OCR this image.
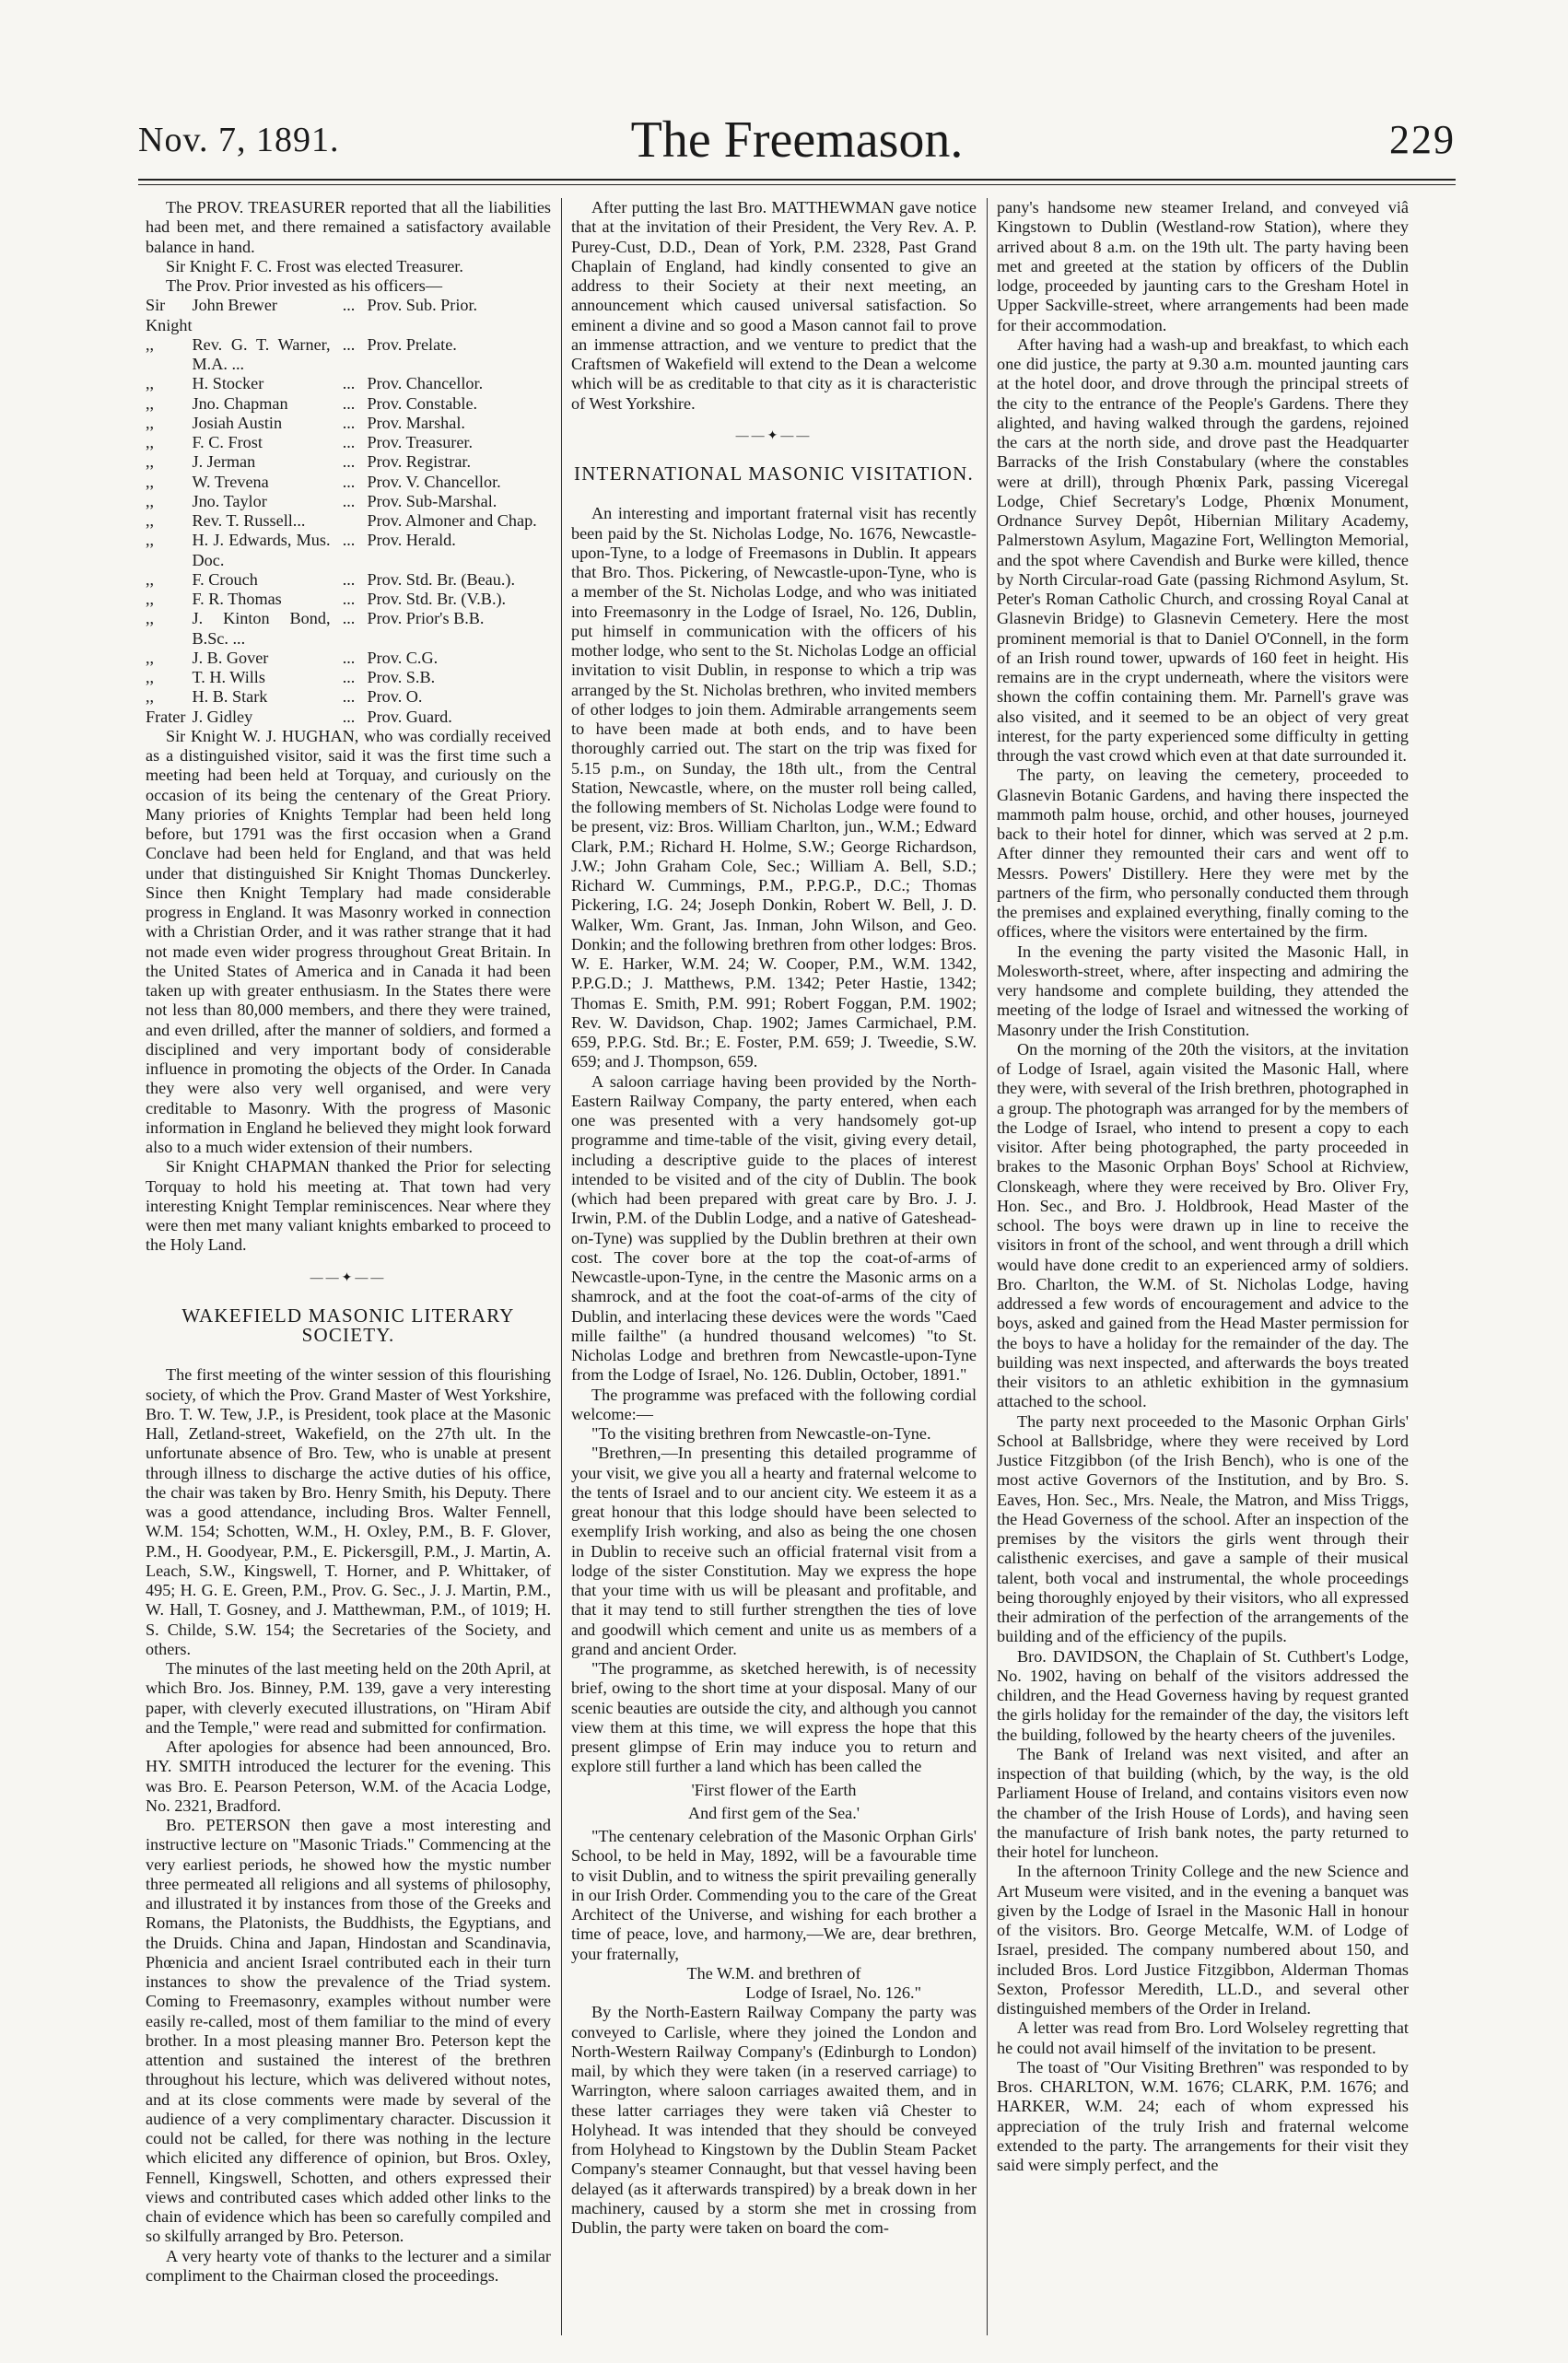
Nov. 7, 1891.	The Freemason.	229

The PROV. TREASURER reported that all the liabilities had been met, and there remained a satisfactory available balance in hand.

Sir Knight F. C. Frost was elected Treasurer.

The Prov. Prior invested as his officers—

Sir Knight	John Brewer	...	Prov. Sub. Prior.
,,	Rev. G. T. Warner, M.A. ...	...	Prov. Prelate.
,,	H. Stocker	...	Prov. Chancellor.
,,	Jno. Chapman	...	Prov. Constable.
,,	Josiah Austin	...	Prov. Marshal.
,,	F. C. Frost	...	Prov. Treasurer.
,,	J. Jerman	...	Prov. Registrar.
,,	W. Trevena	...	Prov. V. Chancellor.
,,	Jno. Taylor	...	Prov. Sub-Marshal.
,,	Rev. T. Russell...		Prov. Almoner and Chap.
,,	H. J. Edwards, Mus. Doc.	...	Prov. Herald.
,,	F. Crouch	...	Prov. Std. Br. (Beau.).
,,	F. R. Thomas	...	Prov. Std. Br. (V.B.).
,,	J. Kinton Bond, B.Sc. ...	...	Prov. Prior's B.B.
,,	J. B. Gover	...	Prov. C.G.
,,	T. H. Wills	...	Prov. S.B.
,,	H. B. Stark	...	Prov. O.
Frater	J. Gidley	...	Prov. Guard.

Sir Knight W. J. HUGHAN, who was cordially received as a distinguished visitor, said it was the first time such a meeting had been held at Torquay, and curiously on the occasion of its being the centenary of the Great Priory. Many priories of Knights Templar had been held long before, but 1791 was the first occasion when a Grand Conclave had been held for England, and that was held under that distinguished Sir Knight Thomas Dunckerley. Since then Knight Templary had made considerable progress in England. It was Masonry worked in connection with a Christian Order, and it was rather strange that it had not made even wider progress throughout Great Britain. In the United States of America and in Canada it had been taken up with greater enthusiasm. In the States there were not less than 80,000 members, and there they were trained, and even drilled, after the manner of soldiers, and formed a disciplined and very important body of considerable influence in promoting the objects of the Order. In Canada they were also very well organised, and were very creditable to Masonry. With the progress of Masonic information in England he believed they might look forward also to a much wider extension of their numbers.

Sir Knight CHAPMAN thanked the Prior for selecting Torquay to hold his meeting at. That town had very interesting Knight Templar reminiscences. Near where they were then met many valiant knights embarked to proceed to the Holy Land.

——✦——
WAKEFIELD MASONIC LITERARY SOCIETY.

The first meeting of the winter session of this flourishing society, of which the Prov. Grand Master of West Yorkshire, Bro. T. W. Tew, J.P., is President, took place at the Masonic Hall, Zetland-street, Wakefield, on the 27th ult. In the unfortunate absence of Bro. Tew, who is unable at present through illness to discharge the active duties of his office, the chair was taken by Bro. Henry Smith, his Deputy. There was a good attendance, including Bros. Walter Fennell, W.M. 154; Schotten, W.M., H. Oxley, P.M., B. F. Glover, P.M., H. Goodyear, P.M., E. Pickersgill, P.M., J. Martin, A. Leach, S.W., Kingswell, T. Horner, and P. Whittaker, of 495; H. G. E. Green, P.M., Prov. G. Sec., J. J. Martin, P.M., W. Hall, T. Gosney, and J. Matthewman, P.M., of 1019; H. S. Childe, S.W. 154; the Secretaries of the Society, and others.

The minutes of the last meeting held on the 20th April, at which Bro. Jos. Binney, P.M. 139, gave a very interesting paper, with cleverly executed illustrations, on "Hiram Abif and the Temple," were read and submitted for confirmation.

After apologies for absence had been announced, Bro. HY. SMITH introduced the lecturer for the evening. This was Bro. E. Pearson Peterson, W.M. of the Acacia Lodge, No. 2321, Bradford.

Bro. PETERSON then gave a most interesting and instructive lecture on "Masonic Triads." Commencing at the very earliest periods, he showed how the mystic number three permeated all religions and all systems of philosophy, and illustrated it by instances from those of the Greeks and Romans, the Platonists, the Buddhists, the Egyptians, and the Druids. China and Japan, Hindostan and Scandinavia, Phœnicia and ancient Israel contributed each in their turn instances to show the prevalence of the Triad system. Coming to Freemasonry, examples without number were easily re-called, most of them familiar to the mind of every brother. In a most pleasing manner Bro. Peterson kept the attention and sustained the interest of the brethren throughout his lecture, which was delivered without notes, and at its close comments were made by several of the audience of a very complimentary character. Discussion it could not be called, for there was nothing in the lecture which elicited any difference of opinion, but Bros. Oxley, Fennell, Kingswell, Schotten, and others expressed their views and contributed cases which added other links to the chain of evidence which has been so carefully compiled and so skilfully arranged by Bro. Peterson.

A very hearty vote of thanks to the lecturer and a similar compliment to the Chairman closed the proceedings.

After putting the last Bro. MATTHEWMAN gave notice that at the invitation of their President, the Very Rev. A. P. Purey-Cust, D.D., Dean of York, P.M. 2328, Past Grand Chaplain of England, had kindly consented to give an address to their Society at their next meeting, an announcement which caused universal satisfaction. So eminent a divine and so good a Mason cannot fail to prove an immense attraction, and we venture to predict that the Craftsmen of Wakefield will extend to the Dean a welcome which will be as creditable to that city as it is characteristic of West Yorkshire.

——✦——
INTERNATIONAL MASONIC VISITATION.

An interesting and important fraternal visit has recently been paid by the St. Nicholas Lodge, No. 1676, Newcastle-upon-Tyne, to a lodge of Freemasons in Dublin. It appears that Bro. Thos. Pickering, of Newcastle-upon-Tyne, who is a member of the St. Nicholas Lodge, and who was initiated into Freemasonry in the Lodge of Israel, No. 126, Dublin, put himself in communication with the officers of his mother lodge, who sent to the St. Nicholas Lodge an official invitation to visit Dublin, in response to which a trip was arranged by the St. Nicholas brethren, who invited members of other lodges to join them. Admirable arrangements seem to have been made at both ends, and to have been thoroughly carried out. The start on the trip was fixed for 5.15 p.m., on Sunday, the 18th ult., from the Central Station, Newcastle, where, on the muster roll being called, the following members of St. Nicholas Lodge were found to be present, viz: Bros. William Charlton, jun., W.M.; Edward Clark, P.M.; Richard H. Holme, S.W.; George Richardson, J.W.; John Graham Cole, Sec.; William A. Bell, S.D.; Richard W. Cummings, P.M., P.P.G.P., D.C.; Thomas Pickering, I.G. 24; Joseph Donkin, Robert W. Bell, J. D. Walker, Wm. Grant, Jas. Inman, John Wilson, and Geo. Donkin; and the following brethren from other lodges: Bros. W. E. Harker, W.M. 24; W. Cooper, P.M., W.M. 1342, P.P.G.D.; J. Matthews, P.M. 1342; Peter Hastie, 1342; Thomas E. Smith, P.M. 991; Robert Foggan, P.M. 1902; Rev. W. Davidson, Chap. 1902; James Carmichael, P.M. 659, P.P.G. Std. Br.; E. Foster, P.M. 659; J. Tweedie, S.W. 659; and J. Thompson, 659.

A saloon carriage having been provided by the North-Eastern Railway Company, the party entered, when each one was presented with a very handsomely got-up programme and time-table of the visit, giving every detail, including a descriptive guide to the places of interest intended to be visited and of the city of Dublin. The book (which had been prepared with great care by Bro. J. J. Irwin, P.M. of the Dublin Lodge, and a native of Gateshead-on-Tyne) was supplied by the Dublin brethren at their own cost. The cover bore at the top the coat-of-arms of Newcastle-upon-Tyne, in the centre the Masonic arms on a shamrock, and at the foot the coat-of-arms of the city of Dublin, and interlacing these devices were the words "Caed mille failthe" (a hundred thousand welcomes) "to St. Nicholas Lodge and brethren from Newcastle-upon-Tyne from the Lodge of Israel, No. 126. Dublin, October, 1891."

The programme was prefaced with the following cordial welcome:—

"To the visiting brethren from Newcastle-on-Tyne.

"Brethren,—In presenting this detailed programme of your visit, we give you all a hearty and fraternal welcome to the tents of Israel and to our ancient city. We esteem it as a great honour that this lodge should have been selected to exemplify Irish working, and also as being the one chosen in Dublin to receive such an official fraternal visit from a lodge of the sister Constitution. May we express the hope that your time with us will be pleasant and profitable, and that it may tend to still further strengthen the ties of love and goodwill which cement and unite us as members of a grand and ancient Order.

"The programme, as sketched herewith, is of necessity brief, owing to the short time at your disposal. Many of our scenic beauties are outside the city, and although you cannot view them at this time, we will express the hope that this present glimpse of Erin may induce you to return and explore still further a land which has been called the

'First flower of the Earth

And first gem of the Sea.'

"The centenary celebration of the Masonic Orphan Girls' School, to be held in May, 1892, will be a favourable time to visit Dublin, and to witness the spirit prevailing generally in our Irish Order. Commending you to the care of the Great Architect of the Universe, and wishing for each brother a time of peace, love, and harmony,—We are, dear brethren, your fraternally,

The W.M. and brethren of

Lodge of Israel, No. 126."

By the North-Eastern Railway Company the party was conveyed to Carlisle, where they joined the London and North-Western Railway Company's (Edinburgh to London) mail, by which they were taken (in a reserved carriage) to Warrington, where saloon carriages awaited them, and in these latter carriages they were taken viâ Chester to Holyhead. It was intended that they should be conveyed from Holyhead to Kingstown by the Dublin Steam Packet Company's steamer Connaught, but that vessel having been delayed (as it afterwards transpired) by a break down in her machinery, caused by a storm she met in crossing from Dublin, the party were taken on board the com-

pany's handsome new steamer Ireland, and conveyed viâ Kingstown to Dublin (Westland-row Station), where they arrived about 8 a.m. on the 19th ult. The party having been met and greeted at the station by officers of the Dublin lodge, proceeded by jaunting cars to the Gresham Hotel in Upper Sackville-street, where arrangements had been made for their accommodation.

After having had a wash-up and breakfast, to which each one did justice, the party at 9.30 a.m. mounted jaunting cars at the hotel door, and drove through the principal streets of the city to the entrance of the People's Gardens. There they alighted, and having walked through the gardens, rejoined the cars at the north side, and drove past the Headquarter Barracks of the Irish Constabulary (where the constables were at drill), through Phœnix Park, passing Viceregal Lodge, Chief Secretary's Lodge, Phœnix Monument, Ordnance Survey Depôt, Hibernian Military Academy, Palmerstown Asylum, Magazine Fort, Wellington Memorial, and the spot where Cavendish and Burke were killed, thence by North Circular-road Gate (passing Richmond Asylum, St. Peter's Roman Catholic Church, and crossing Royal Canal at Glasnevin Bridge) to Glasnevin Cemetery. Here the most prominent memorial is that to Daniel O'Connell, in the form of an Irish round tower, upwards of 160 feet in height. His remains are in the crypt underneath, where the visitors were shown the coffin containing them. Mr. Parnell's grave was also visited, and it seemed to be an object of very great interest, for the party experienced some difficulty in getting through the vast crowd which even at that date surrounded it.

The party, on leaving the cemetery, proceeded to Glasnevin Botanic Gardens, and having there inspected the mammoth palm house, orchid, and other houses, journeyed back to their hotel for dinner, which was served at 2 p.m. After dinner they remounted their cars and went off to Messrs. Powers' Distillery. Here they were met by the partners of the firm, who personally conducted them through the premises and explained everything, finally coming to the offices, where the visitors were entertained by the firm.

In the evening the party visited the Masonic Hall, in Molesworth-street, where, after inspecting and admiring the very handsome and complete building, they attended the meeting of the lodge of Israel and witnessed the working of Masonry under the Irish Constitution.

On the morning of the 20th the visitors, at the invitation of Lodge of Israel, again visited the Masonic Hall, where they were, with several of the Irish brethren, photographed in a group. The photograph was arranged for by the members of the Lodge of Israel, who intend to present a copy to each visitor. After being photographed, the party proceeded in brakes to the Masonic Orphan Boys' School at Richview, Clonskeagh, where they were received by Bro. Oliver Fry, Hon. Sec., and Bro. J. Holdbrook, Head Master of the school. The boys were drawn up in line to receive the visitors in front of the school, and went through a drill which would have done credit to an experienced army of soldiers. Bro. Charlton, the W.M. of St. Nicholas Lodge, having addressed a few words of encouragement and advice to the boys, asked and gained from the Head Master permission for the boys to have a holiday for the remainder of the day. The building was next inspected, and afterwards the boys treated their visitors to an athletic exhibition in the gymnasium attached to the school.

The party next proceeded to the Masonic Orphan Girls' School at Ballsbridge, where they were received by Lord Justice Fitzgibbon (of the Irish Bench), who is one of the most active Governors of the Institution, and by Bro. S. Eaves, Hon. Sec., Mrs. Neale, the Matron, and Miss Triggs, the Head Governess of the school. After an inspection of the premises by the visitors the girls went through their calisthenic exercises, and gave a sample of their musical talent, both vocal and instrumental, the whole proceedings being thoroughly enjoyed by their visitors, who all expressed their admiration of the perfection of the arrangements of the building and of the efficiency of the pupils.

Bro. DAVIDSON, the Chaplain of St. Cuthbert's Lodge, No. 1902, having on behalf of the visitors addressed the children, and the Head Governess having by request granted the girls holiday for the remainder of the day, the visitors left the building, followed by the hearty cheers of the juveniles.

The Bank of Ireland was next visited, and after an inspection of that building (which, by the way, is the old Parliament House of Ireland, and contains visitors even now the chamber of the Irish House of Lords), and having seen the manufacture of Irish bank notes, the party returned to their hotel for luncheon.

In the afternoon Trinity College and the new Science and Art Museum were visited, and in the evening a banquet was given by the Lodge of Israel in the Masonic Hall in honour of the visitors. Bro. George Metcalfe, W.M. of Lodge of Israel, presided. The company numbered about 150, and included Bros. Lord Justice Fitzgibbon, Alderman Thomas Sexton, Professor Meredith, LL.D., and several other distinguished members of the Order in Ireland.

A letter was read from Bro. Lord Wolseley regretting that he could not avail himself of the invitation to be present.

The toast of "Our Visiting Brethren" was responded to by Bros. CHARLTON, W.M. 1676; CLARK, P.M. 1676; and HARKER, W.M. 24; each of whom expressed his appreciation of the truly Irish and fraternal welcome extended to the party. The arrangements for their visit they said were simply perfect, and the
